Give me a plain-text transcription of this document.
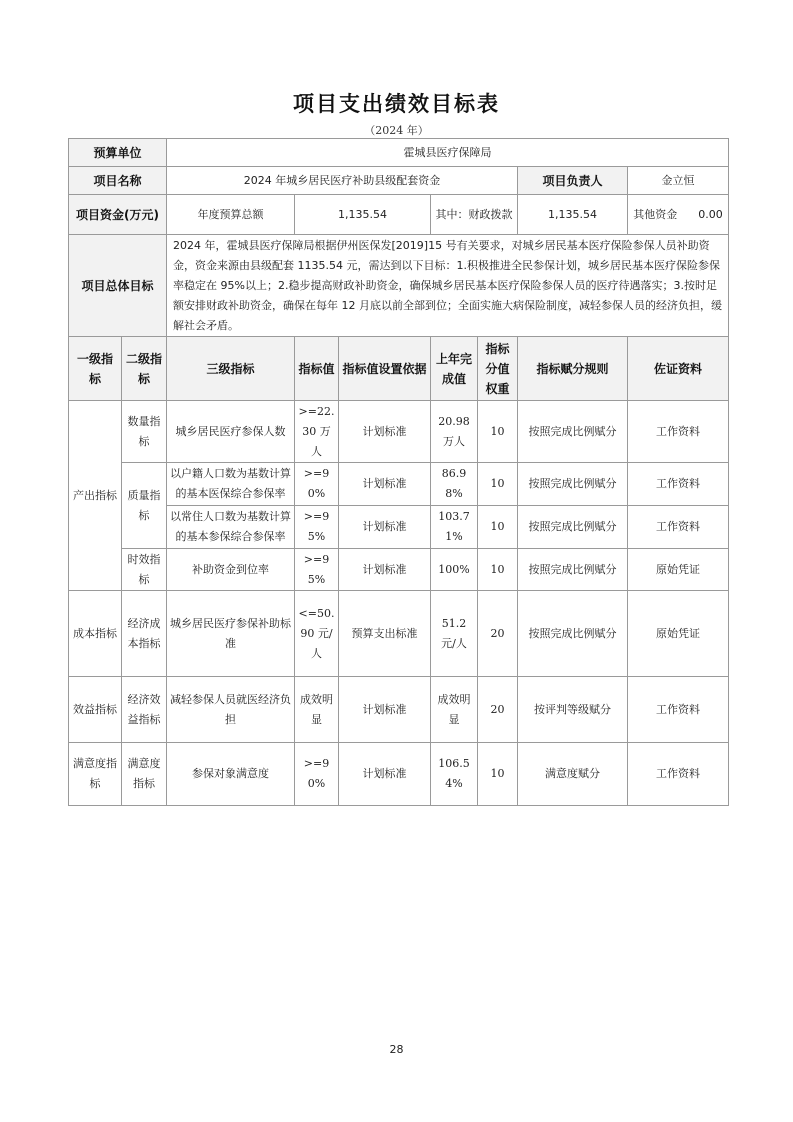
项目支出绩效目标表
（2024 年）
预算单位		霍城县医疗保障局						
项目名称		2024 年城乡居民医疗补助县级配套资金					项目负责人	金立恒
项目资金(万元)		年度预算总额	1,135.54		其中：财政拨款		1,135.54	其他资金 0.00
项目总体目标		2024 年，霍城县医疗保障局根据伊州医保发[2019]15 号有关要求，对城乡居民基本医疗保险参保人员补助资金，资金来源由县级配套 1135.54 元，需达到以下目标：1.积极推进全民参保计划，城乡居民基本医疗保险参保率稳定在 95%以上；2.稳步提高财政补助资金，确保城乡居民基本医疗保险参保人员的医疗待遇落实；3.按时足额安排财政补助资金，确保在每年 12 月底以前全部到位；全面实施大病保险制度，减轻参保人员的经济负担，缓解社会矛盾。						
一级指标	二级指标	三级指标	指标值	指标值设置依据	上年完成值	指标分值权重	指标赋分规则	佐证资料
产出指标	数量指标	城乡居民医疗参保人数	>=22.30 万人	计划标准	20.98 万人	10	按照完成比例赋分	工作资料
	质量指标	以户籍人口数为基数计算的基本医保综合参保率	>=90%	计划标准	86.98%	10	按照完成比例赋分	工作资料
		以常住人口数为基数计算的基本参保综合参保率	>=95%	计划标准	103.71%	10	按照完成比例赋分	工作资料
	时效指标	补助资金到位率	>=95%	计划标准	100%	10	按照完成比例赋分	原始凭证
成本指标	经济成本指标	城乡居民医疗参保补助标准	<=50.90 元/人	预算支出标准	51.2 元/人	20	按照完成比例赋分	原始凭证
效益指标	经济效益指标	减轻参保人员就医经济负担	成效明显	计划标准	成效明显	20	按评判等级赋分	工作资料
满意度指标	满意度指标	参保对象满意度	>=90%	计划标准	106.54%	10	满意度赋分	工作资料
28
